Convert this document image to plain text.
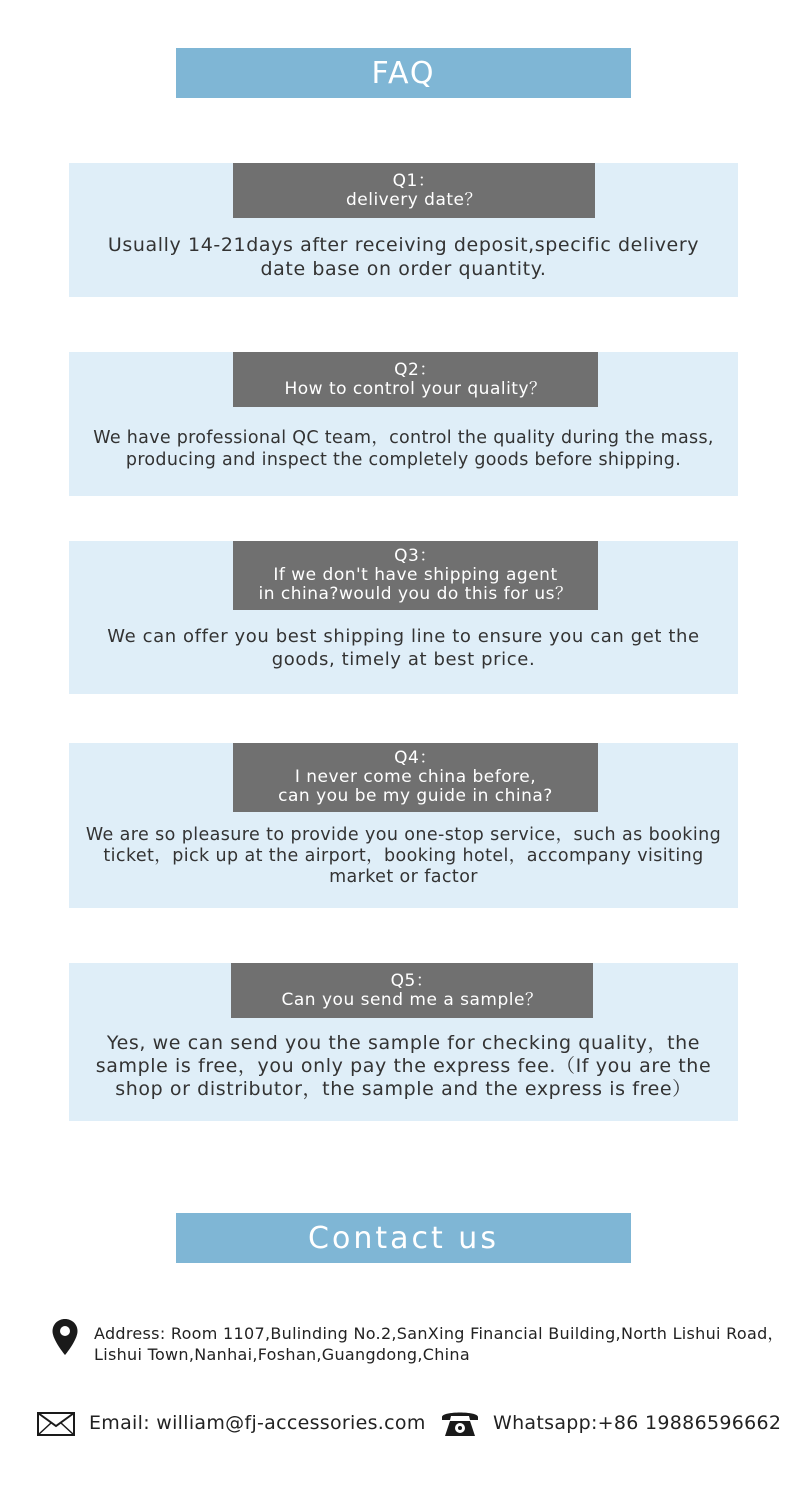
FAQ
Q1：
delivery date？
Usually 14-21days after receiving deposit,specific delivery date base on order quantity.
Q2：
How to control your quality？
We have professional QC team，control the quality during the mass, producing and inspect the completely goods before shipping.
Q3：
If we don't have shipping agent
in china?would you do this for us？
We can offer you best shipping line to ensure you can get the goods, timely at best price.
Q4：
I never come china before,
can you be my guide in china?
We are so pleasure to provide you one-stop service，such as booking ticket，pick up at the airport，booking hotel，accompany visiting market or factor
Q5：
Can you send me a sample？
Yes, we can send you the sample for checking quality，the sample is free，you only pay the express fee.（If you are the shop or distributor，the sample and the express is free）
Contact us
Address: Room 1107,Bulinding No.2,SanXing Financial Building,North Lishui Road，
Lishui Town,Nanhai,Foshan,Guangdong,China
Email: william@fj-accessories.com	Whatsapp:+86 19886596662
